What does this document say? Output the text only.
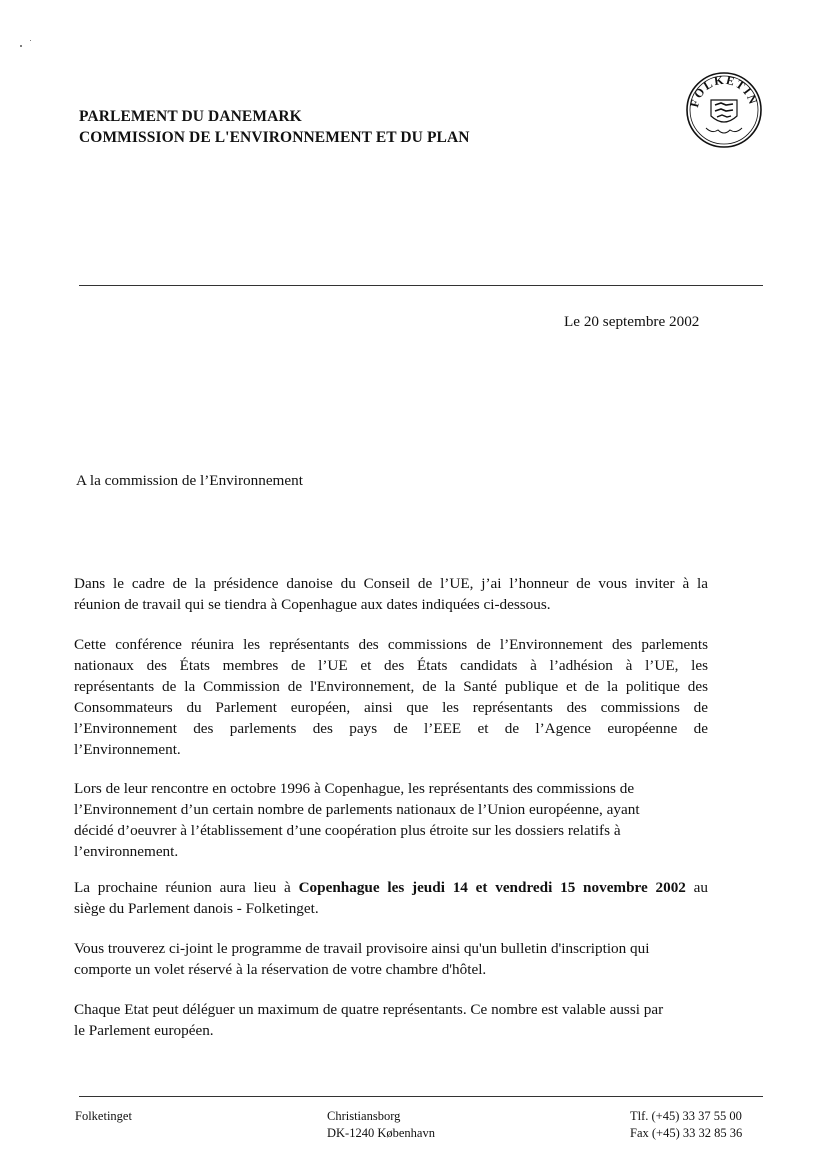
PARLEMENT DU DANEMARK
COMMISSION DE L'ENVIRONNEMENT ET DU PLAN
FOLKETIN
Le 20 septembre 2002
A la commission de l’Environnement
Dans le cadre de la présidence danoise du Conseil de l’UE, j’ai l’honneur de vous inviter à la
réunion de travail qui se tiendra à Copenhague aux dates indiquées ci-dessous.
Cette conférence réunira les représentants des commissions de l’Environnement des parlements
nationaux des États membres de l’UE et des États candidats à l’adhésion à l’UE, les
représentants de la Commission de l'Environnement, de la Santé publique et de la politique des
Consommateurs du Parlement européen, ainsi que les représentants des commissions de
l’Environnement des parlements des pays de l’EEE et de l’Agence européenne de
l’Environnement.
Lors de leur rencontre en octobre 1996 à Copenhague, les représentants des commissions de
l’Environnement d’un certain nombre de parlements nationaux de l’Union européenne, ayant
décidé d’oeuvrer à l’établissement d’une coopération plus étroite sur les dossiers relatifs à
l’environnement.
La prochaine réunion aura lieu à Copenhague les jeudi 14 et vendredi 15 novembre 2002 au
siège du Parlement danois - Folketinget.
Vous trouverez ci-joint le programme de travail provisoire ainsi qu'un bulletin d'inscription qui
comporte un volet réservé à la réservation de votre chambre d'hôtel.
Chaque Etat peut déléguer un maximum de quatre représentants. Ce nombre est valable aussi par
le Parlement européen.
Folketinget	Christiansborg
DK-1240 København
Tlf. (+45) 33 37 55 00
Fax (+45) 33 32 85 36
